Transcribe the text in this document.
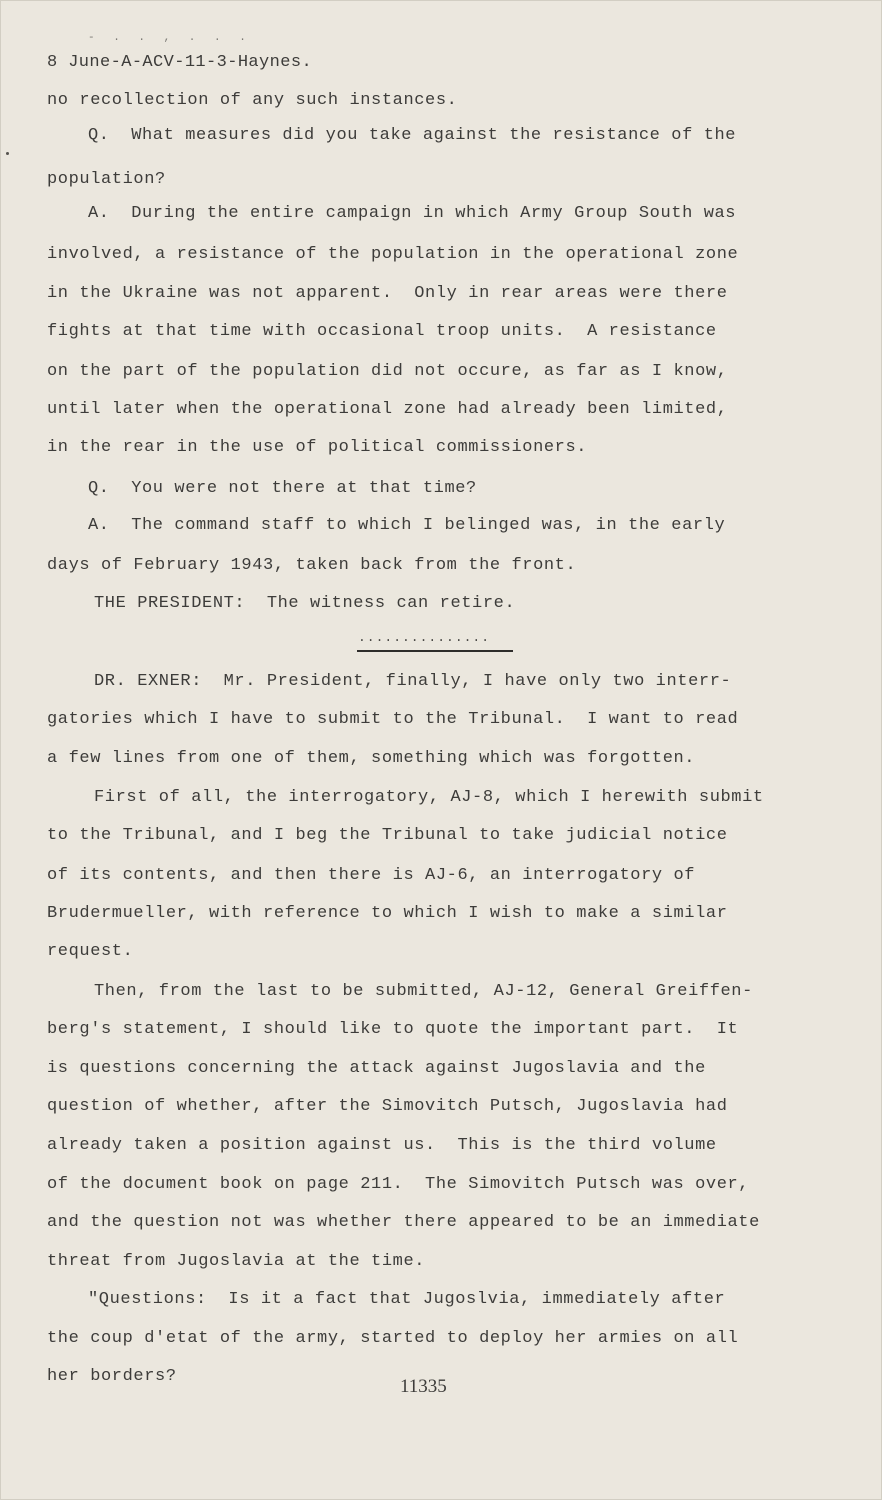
- . . , . . .

8 June-A-ACV-11-3-Haynes.

no recollection of any such instances.

Q.  What measures did you take against the resistance of the

population?

A.  During the entire campaign in which Army Group South was

involved, a resistance of the population in the operational zone

in the Ukraine was not apparent.  Only in rear areas were there

fights at that time with occasional troop units.  A resistance

on the part of the population did not occure, as far as I know,

until later when the operational zone had already been limited,

in the rear in the use of political commissioners.

Q.  You were not there at that time?

A.  The command staff to which I belinged was, in the early

days of February 1943, taken back from the front.

THE PRESIDENT:  The witness can retire.

...............

DR. EXNER:  Mr. President, finally, I have only two interr-

gatories which I have to submit to the Tribunal.  I want to read

a few lines from one of them, something which was forgotten.

First of all, the interrogatory, AJ-8, which I herewith submit

to the Tribunal, and I beg the Tribunal to take judicial notice

of its contents, and then there is AJ-6, an interrogatory of

Brudermueller, with reference to which I wish to make a similar

request.

Then, from the last to be submitted, AJ-12, General Greiffen-

berg's statement, I should like to quote the important part.  It

is questions concerning the attack against Jugoslavia and the

question of whether, after the Simovitch Putsch, Jugoslavia had

already taken a position against us.  This is the third volume

of the document book on page 211.  The Simovitch Putsch was over,

and the question not was whether there appeared to be an immediate

threat from Jugoslavia at the time.

"Questions:  Is it a fact that Jugoslvia, immediately after

the coup d'etat of the army, started to deploy her armies on all

her borders?	11335
